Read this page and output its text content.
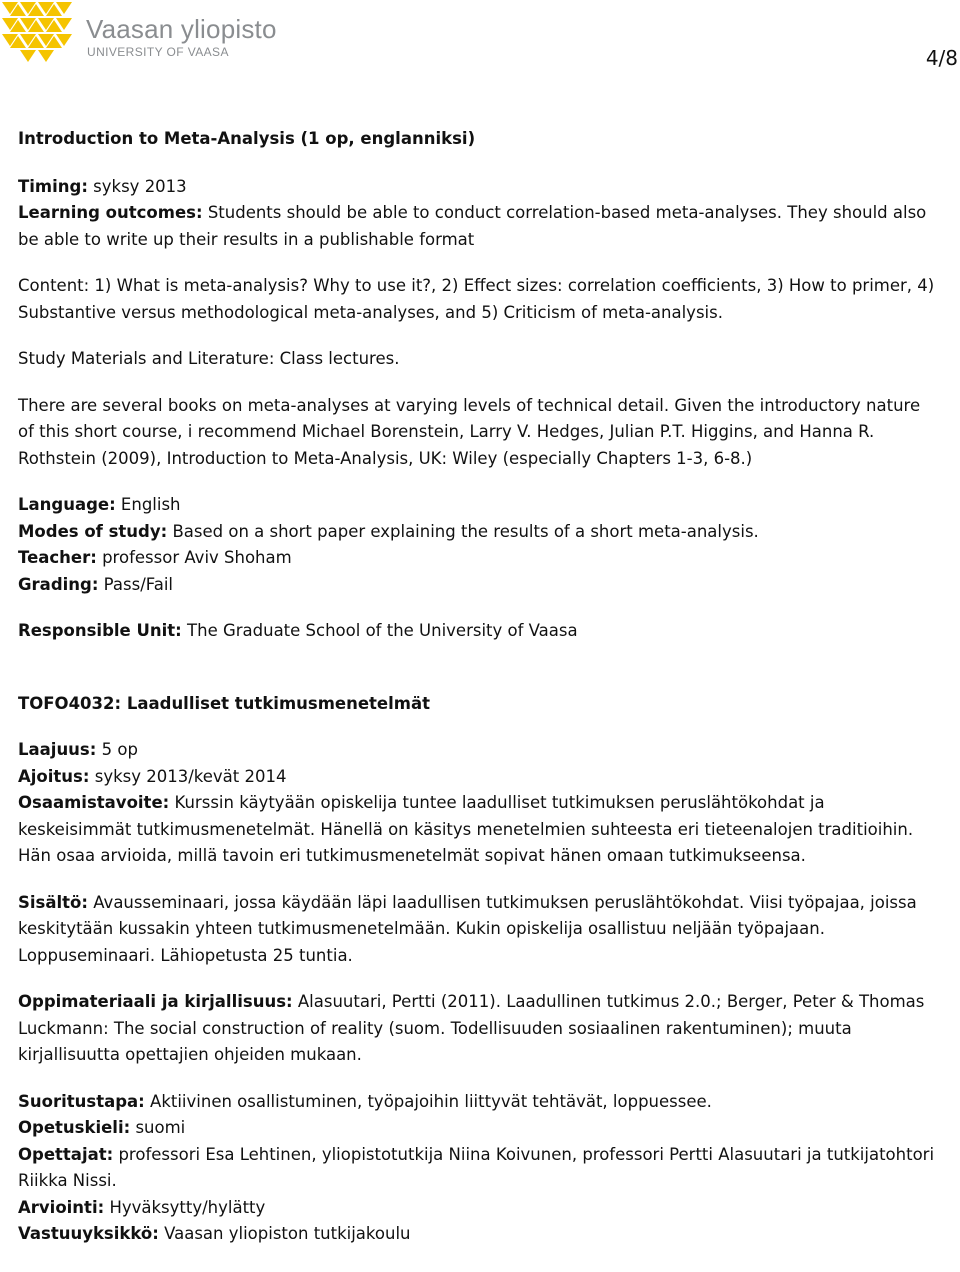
Vaasan yliopisto
UNIVERSITY OF VAASA	4/8

Introduction to Meta-Analysis (1 op, englanniksi)

Timing: syksy 2013

Learning outcomes: Students should be able to conduct correlation-based meta-analyses. They should also be able to write up their results in a publishable format

Content: 1) What is meta-analysis? Why to use it?, 2) Effect sizes: correlation coefficients, 3) How to primer, 4) Substantive versus methodological meta-analyses, and 5) Criticism of meta-analysis.

Study Materials and Literature: Class lectures.

There are several books on meta-analyses at varying levels of technical detail. Given the introductory nature of this short course, i recommend Michael Borenstein, Larry V. Hedges, Julian P.T. Higgins, and Hanna R. Rothstein (2009), Introduction to Meta-Analysis, UK: Wiley (especially Chapters 1-3, 6-8.)

Language: English

Modes of study: Based on a short paper explaining the results of a short meta-analysis.

Teacher: professor Aviv Shoham

Grading: Pass/Fail

Responsible Unit: The Graduate School of the University of Vaasa

TOFO4032: Laadulliset tutkimusmenetelmät

Laajuus: 5 op

Ajoitus: syksy 2013/kevät 2014

Osaamistavoite: Kurssin käytyään opiskelija tuntee laadulliset tutkimuksen peruslähtökohdat ja keskeisimmät tutkimusmenetelmät. Hänellä on käsitys menetelmien suhteesta eri tieteenalojen traditioihin. Hän osaa arvioida, millä tavoin eri tutkimusmenetelmät sopivat hänen omaan tutkimukseensa.

Sisältö: Avausseminaari, jossa käydään läpi laadullisen tutkimuksen peruslähtökohdat. Viisi työpajaa, joissa keskitytään kussakin yhteen tutkimusmenetelmään. Kukin opiskelija osallistuu neljään työpajaan. Loppuseminaari. Lähiopetusta 25 tuntia.

Oppimateriaali ja kirjallisuus: Alasuutari, Pertti (2011). Laadullinen tutkimus 2.0.; Berger, Peter & Thomas Luckmann: The social construction of reality (suom. Todellisuuden sosiaalinen rakentuminen); muuta kirjallisuutta opettajien ohjeiden mukaan.

Suoritustapa: Aktiivinen osallistuminen, työpajoihin liittyvät tehtävät, loppuessee.

Opetuskieli: suomi

Opettajat: professori Esa Lehtinen, yliopistotutkija Niina Koivunen, professori Pertti Alasuutari ja tutkijatohtori Riikka Nissi.

Arviointi: Hyväksytty/hylätty

Vastuuyksikkö: Vaasan yliopiston tutkijakoulu
